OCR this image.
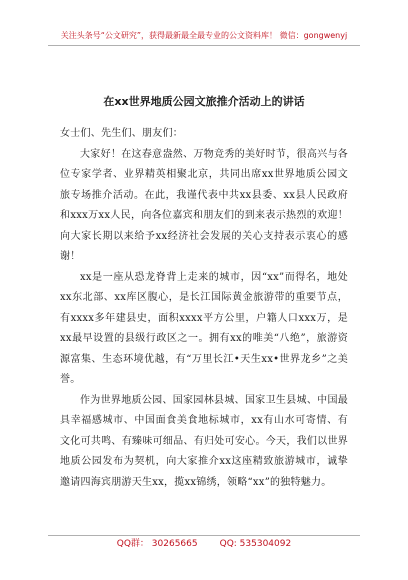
关注头条号“公文研究”，获得最新最全最专业的公文资料库！ 微信：gongwenyj
在xx世界地质公园文旅推介活动上的讲话

女士们、先生们、朋友们：

大家好！在这春意盎然、万物竞秀的美好时节，很高兴与各位专家学者、业界精英相聚北京，共同出席xx世界地质公园文旅专场推介活动。在此，我谨代表中共xx县委、xx县人民政府和xxx万xx人民，向各位嘉宾和朋友们的到来表示热烈的欢迎！向大家长期以来给予xx经济社会发展的关心支持表示衷心的感谢！

xx是一座从恐龙脊背上走来的城市，因“xx”而得名，地处xx东北部、xx库区腹心，是长江国际黄金旅游带的重要节点，有xxxx多年建县史，面积xxxx平方公里，户籍人口xxx万，是xx最早设置的县级行政区之一。拥有xx的唯美“八绝”，旅游资源富集、生态环境优越，有“万里长江•天生xx•世界龙乡”之美誉。

作为世界地质公园、国家园林县城、国家卫生县城、中国最具幸福感城市、中国面食美食地标城市，xx有山水可寄情、有文化可共鸣、有臻味可细品、有归处可安心。今天，我们以世界地质公园发布为契机，向大家推介xx这座精致旅游城市，诚挚邀请四海宾朋游天生xx，揽xx锦绣，领略“xx”的独特魅力。

QQ群： 30265665 QQ: 535304092
